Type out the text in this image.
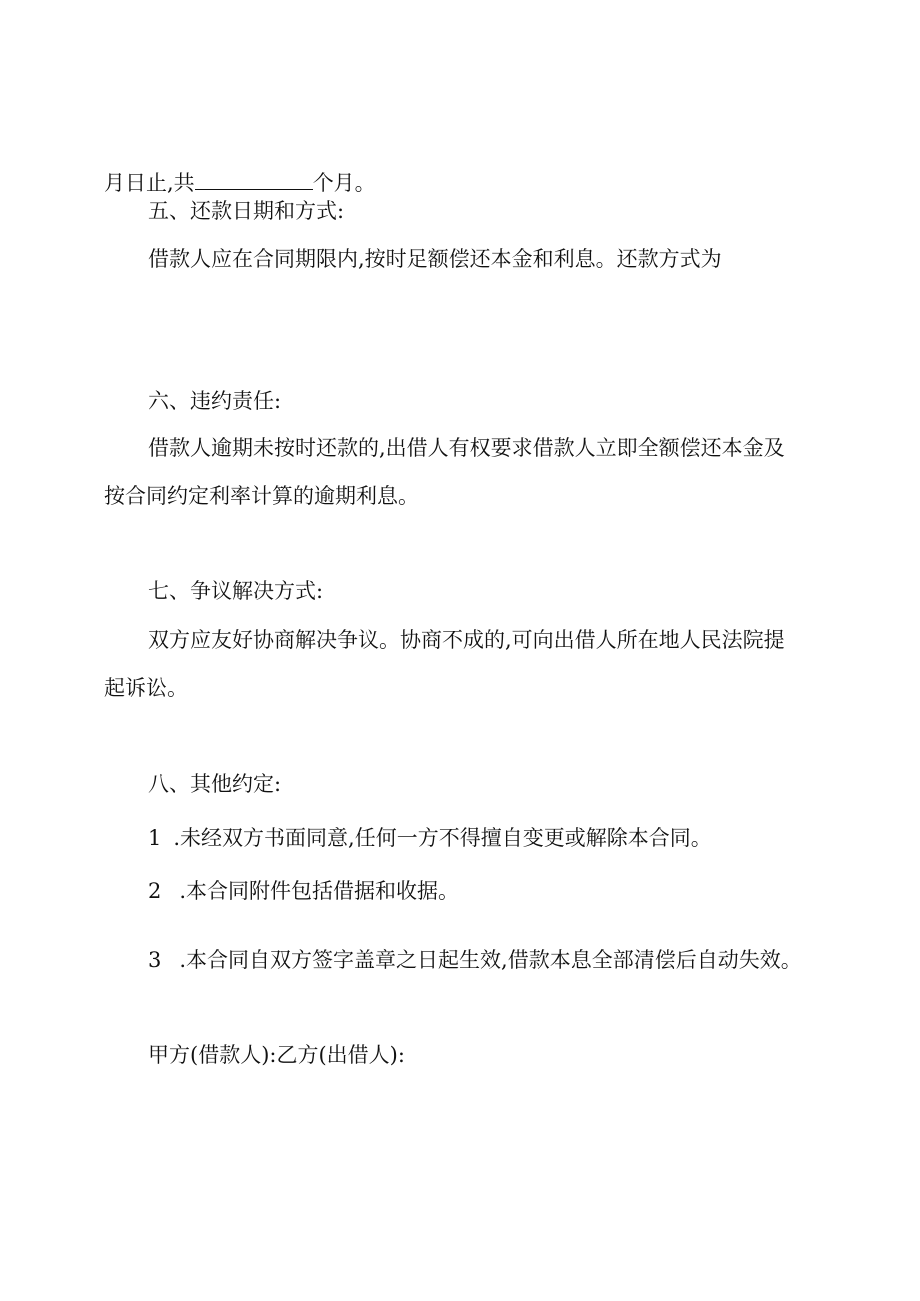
月日止,共	个月。
五、还款日期和方式:
借款人应在合同期限内,按时足额偿还本金和利息。还款方式为
六、违约责任:
借款人逾期未按时还款的,出借人有权要求借款人立即全额偿还本金及
按合同约定利率计算的逾期利息。
七、争议解决方式:
双方应友好协商解决争议。协商不成的,可向出借人所在地人民法院提
起诉讼。
八、其他约定:
1 .未经双方书面同意,任何一方不得擅自变更或解除本合同。
2 .本合同附件包括借据和收据。
3 .本合同自双方签字盖章之日起生效,借款本息全部清偿后自动失效。
甲方(借款人):乙方(出借人):
